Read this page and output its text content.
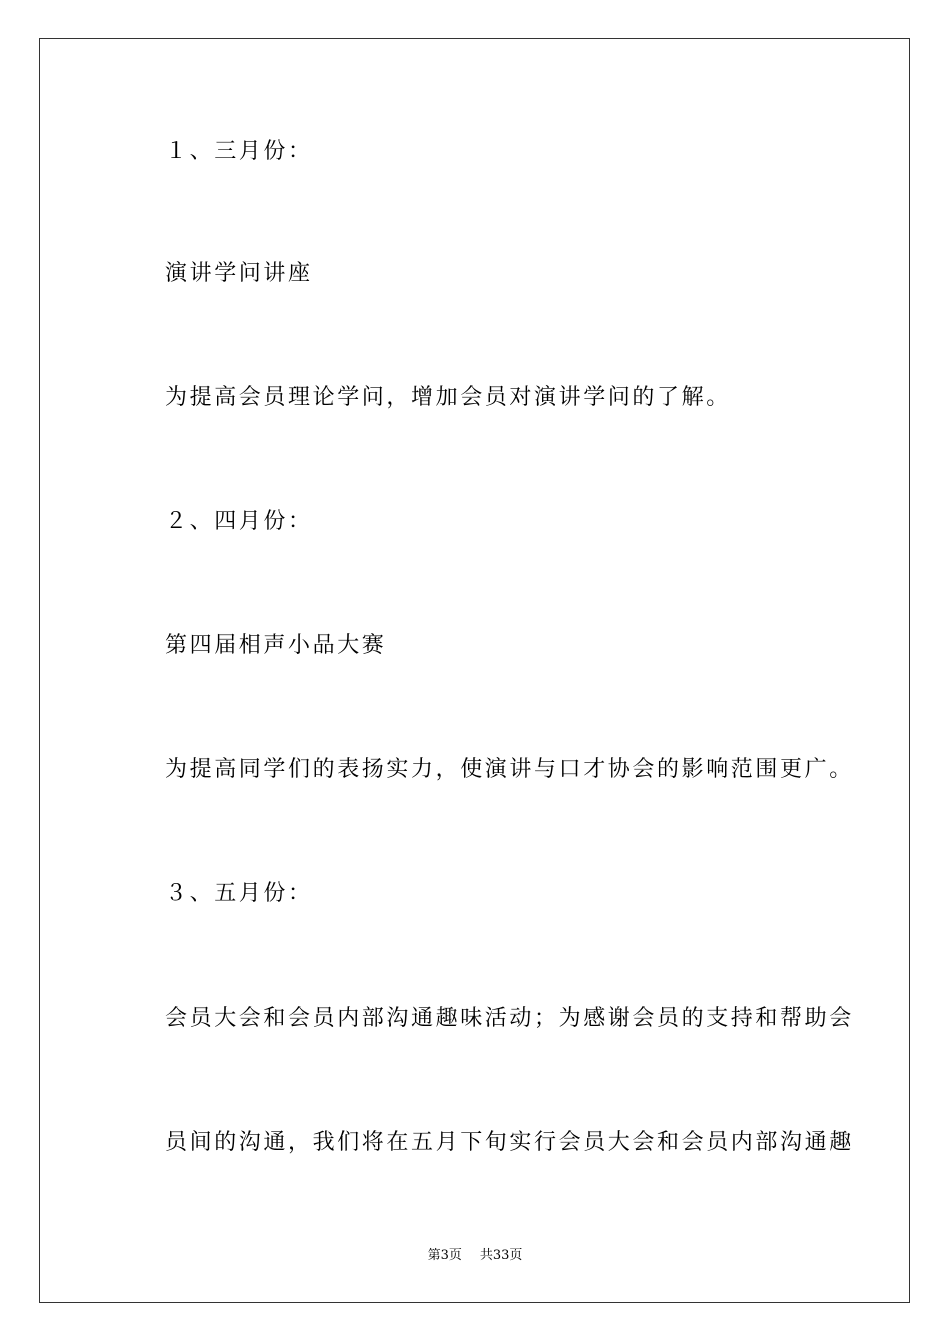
１、三月份：
演讲学问讲座
为提高会员理论学问，增加会员对演讲学问的了解。
２、四月份：
第四届相声小品大赛
为提高同学们的表扬实力，使演讲与口才协会的影响范围更广。
３、五月份：
会员大会和会员内部沟通趣味活动；为感谢会员的支持和帮助会
员间的沟通，我们将在五月下旬实行会员大会和会员内部沟通趣
第3页 共33页
